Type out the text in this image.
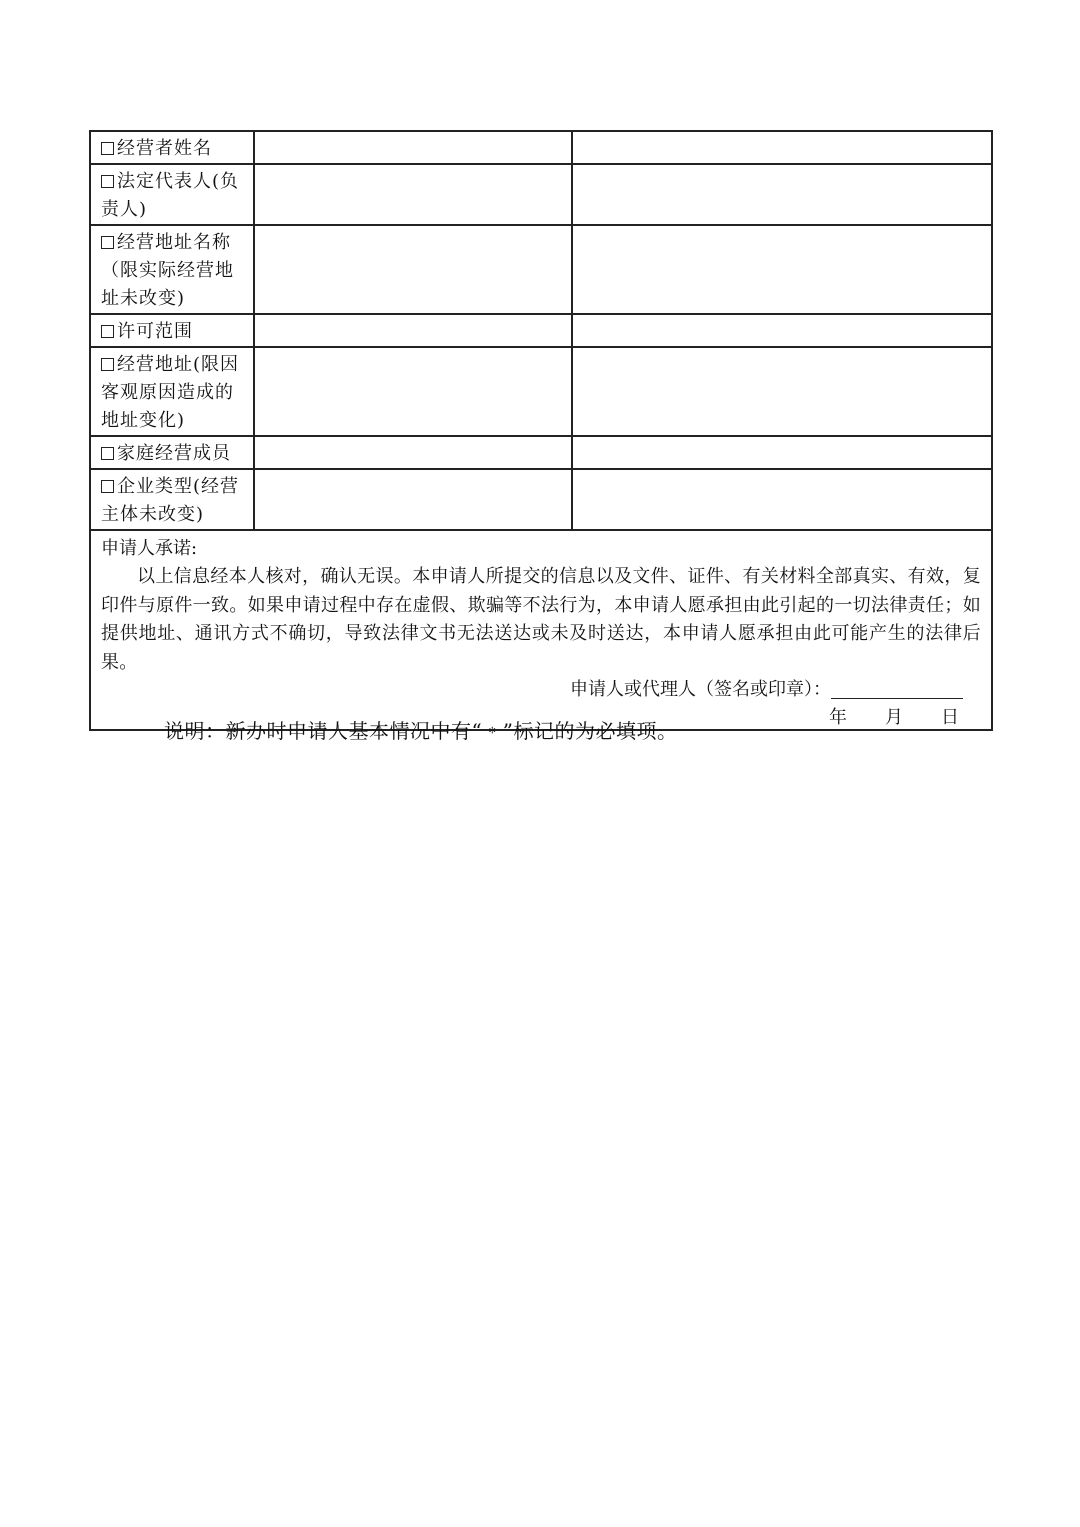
经营者姓名		
法定代表人(负责人)		
经营地址名称（限实际经营地址未改变)		
许可范围		
经营地址(限因客观原因造成的地址变化)		
家庭经营成员		
企业类型(经营主体未改变)		

申请人承诺:
以上信息经本人核对，确认无误。本申请人所提交的信息以及文件、证件、有关材料全部真实、有效，复印件与原件一致。如果申请过程中存在虚假、欺骗等不法行为，本申请人愿承担由此引起的一切法律责任；如提供地址、通讯方式不确切，导致法律文书无法送达或未及时送达，本申请人愿承担由此可能产生的法律后果。
申请人或代理人（签名或印章）：
年 月 日		
说明：新办时申请人基本情况中有“﹡”标记的为必填项。
